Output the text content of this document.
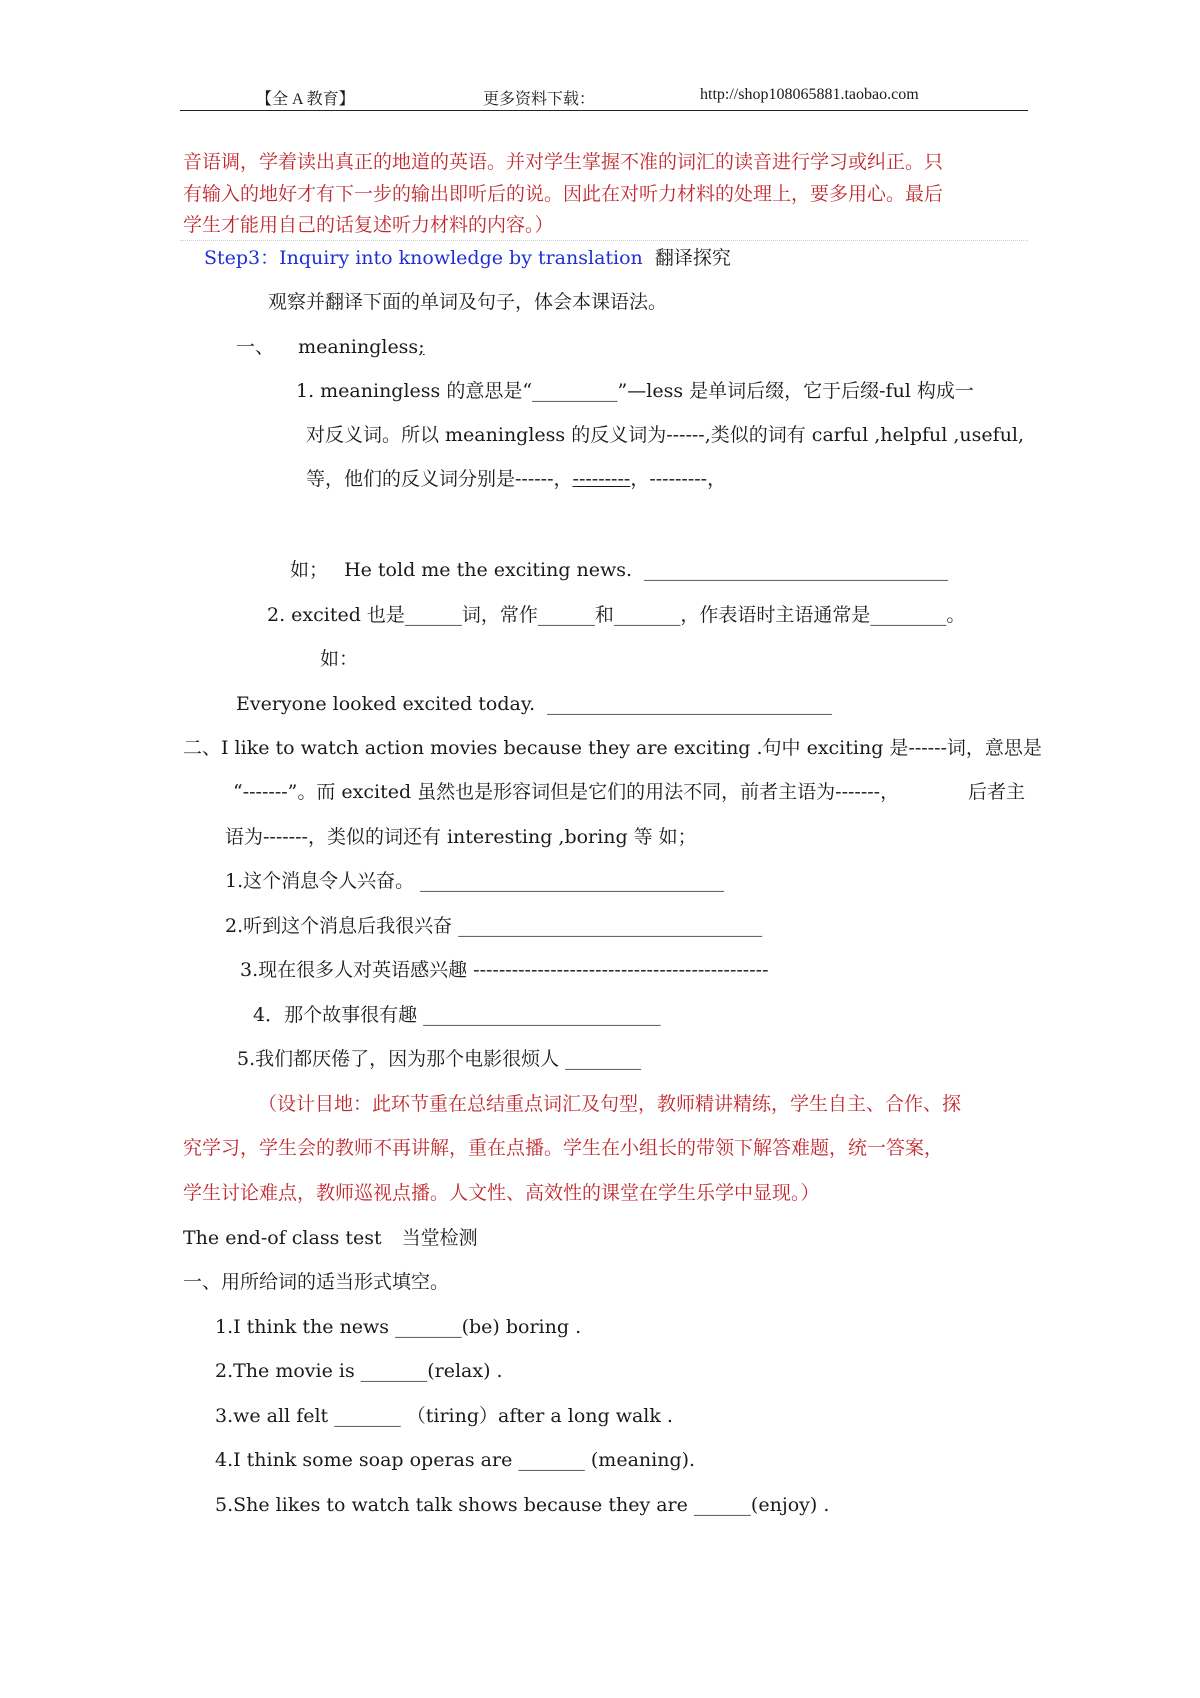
【全 A 教育】	更多资料下载：	http://shop108065881.taobao.com
音语调，学着读出真正的地道的英语。并对学生掌握不准的词汇的读音进行学习或纠正。只
有输入的地好才有下一步的输出即听后的说。因此在对听力材料的处理上，要多用心。最后
学生才能用自己的话复述听力材料的内容。）
Step3：Inquiry into knowledge by translation 翻译探究
观察并翻译下面的单词及句子，体会本课语法。
一、 meaningless;
1. meaningless 的意思是“_________”—less 是单词后缀，它于后缀-ful 构成一
对反义词。所以 meaningless 的反义词为------,类似的词有 carful ,helpful ,useful,
等，他们的反义词分别是------，---------，---------，
如； He told me the exciting news. ________________________________
2. excited 也是______词，常作______和_______，作表语时主语通常是________。
如：
Everyone looked excited today. ______________________________
二、I like to watch action movies because they are exciting . 句中 exciting 是------词，意思是
“-------”。而 excited 虽然也是形容词但是它们的用法不同，前者主语为-------，	后者主
语为-------，类似的词还有 interesting ,boring 等 如；
1.这个消息令人兴奋。 ________________________________
2.听到这个消息后我很兴奋 ________________________________
3.现在很多人对英语感兴趣 ----------------------------------------------
4．那个故事很有趣 _________________________
5.我们都厌倦了，因为那个电影很烦人 ________
（设计目地：此环节重在总结重点词汇及句型，教师精讲精练，学生自主、合作、探
究学习，学生会的教师不再讲解，重在点播。学生在小组长的带领下解答难题，统一答案，
学生讨论难点，教师巡视点播。人文性、高效性的课堂在学生乐学中显现。）
The end-of class test 当堂检测
一、用所给词的适当形式填空。
1.I think the news _______(be) boring .
2.The movie is _______(relax) .
3.we all felt _______ （tiring）after a long walk .
4.I think some soap operas are _______ (meaning).
5.She likes to watch talk shows because they are ______(enjoy) .
